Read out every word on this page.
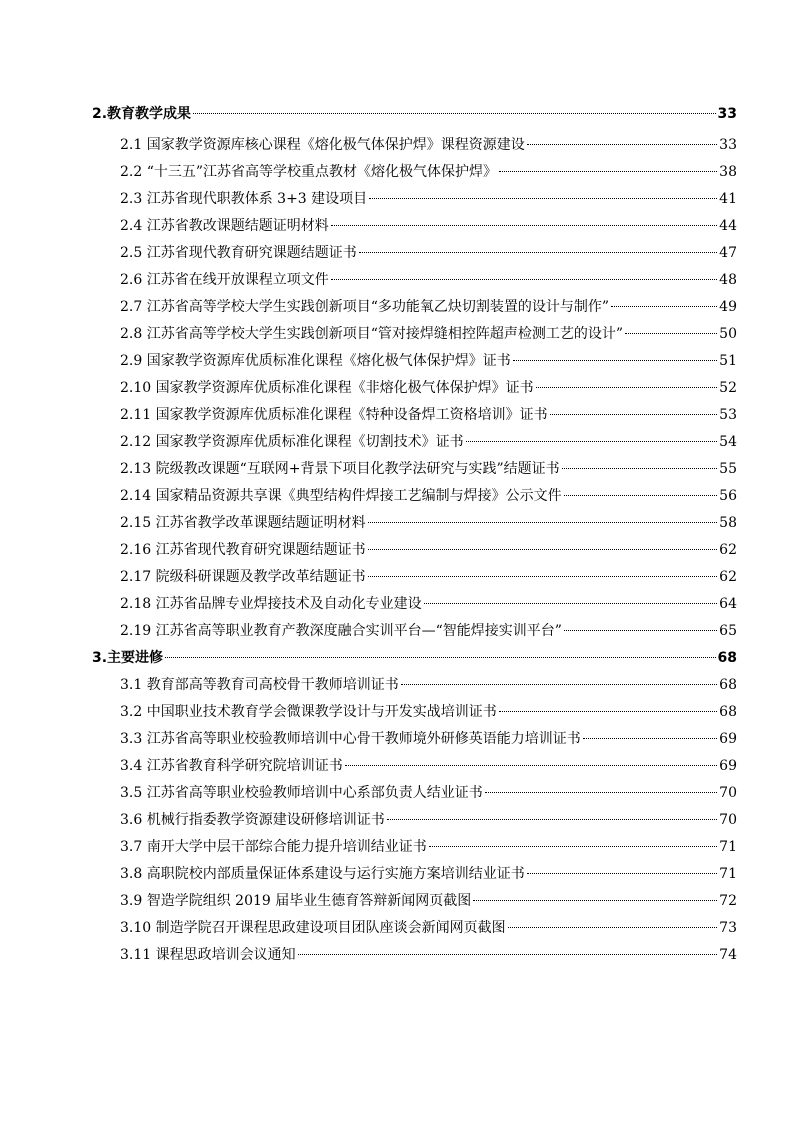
2.教育教学成果	33
2.1 国家教学资源库核心课程《熔化极气体保护焊》课程资源建设	33
2.2 “十三五”江苏省高等学校重点教材《熔化极气体保护焊》	38
2.3 江苏省现代职教体系 3+3 建设项目	41
2.4 江苏省教改课题结题证明材料	44
2.5 江苏省现代教育研究课题结题证书	47
2.6 江苏省在线开放课程立项文件	48
2.7 江苏省高等学校大学生实践创新项目“多功能氧乙炔切割装置的设计与制作”	49
2.8 江苏省高等学校大学生实践创新项目“管对接焊缝相控阵超声检测工艺的设计”	50
2.9 国家教学资源库优质标准化课程《熔化极气体保护焊》证书	51
2.10 国家教学资源库优质标准化课程《非熔化极气体保护焊》证书	52
2.11 国家教学资源库优质标准化课程《特种设备焊工资格培训》证书	53
2.12 国家教学资源库优质标准化课程《切割技术》证书	54
2.13 院级教改课题“互联网+背景下项目化教学法研究与实践”结题证书	55
2.14 国家精品资源共享课《典型结构件焊接工艺编制与焊接》公示文件	56
2.15 江苏省教学改革课题结题证明材料	58
2.16 江苏省现代教育研究课题结题证书	62
2.17 院级科研课题及教学改革结题证书	62
2.18 江苏省品牌专业焊接技术及自动化专业建设	64
2.19 江苏省高等职业教育产教深度融合实训平台—“智能焊接实训平台”	65
3.主要进修	68
3.1 教育部高等教育司高校骨干教师培训证书	68
3.2 中国职业技术教育学会微课教学设计与开发实战培训证书	68
3.3 江苏省高等职业校验教师培训中心骨干教师境外研修英语能力培训证书	69
3.4 江苏省教育科学研究院培训证书	69
3.5 江苏省高等职业校验教师培训中心系部负责人结业证书	70
3.6 机械行指委教学资源建设研修培训证书	70
3.7 南开大学中层干部综合能力提升培训结业证书	71
3.8 高职院校内部质量保证体系建设与运行实施方案培训结业证书	71
3.9 智造学院组织 2019 届毕业生德育答辩新闻网页截图	72
3.10 制造学院召开课程思政建设项目团队座谈会新闻网页截图	73
3.11 课程思政培训会议通知	74
